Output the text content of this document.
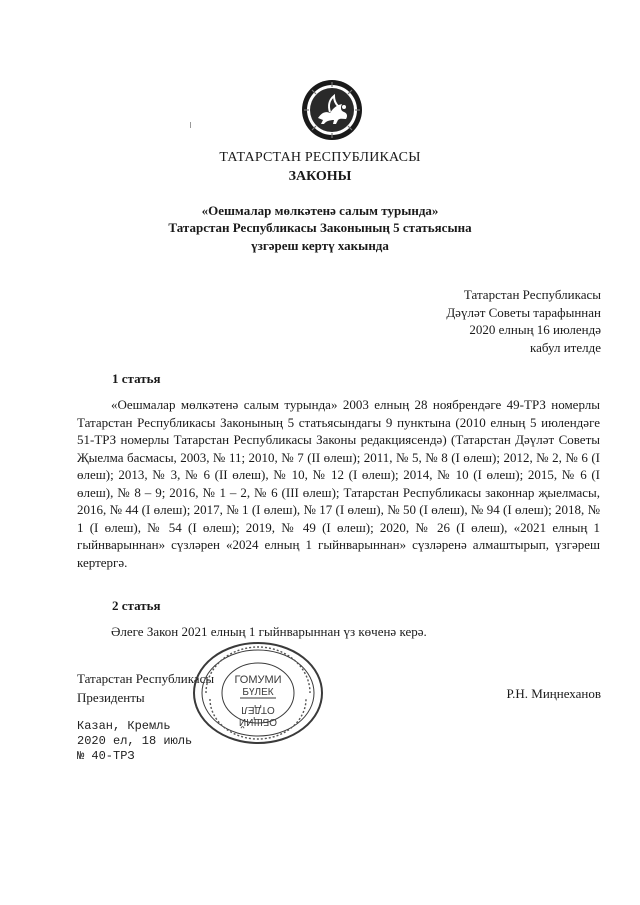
ТАТАРСТАН РЕСПУБЛИКАСЫ
ЗАКОНЫ
«Оешмалар мөлкәтенә салым турында»
Татарстан Республикасы Законының 5 статьясына
үзгәреш кертү хакында
Татарстан Республикасы
Дәүләт Советы тарафыннан
2020 елның 16 июлендә
кабул ителде
1 статья

«Оешмалар мөлкәтенә салым турында» 2003 елның 28 ноябрендәге 49-ТРЗ номерлы Татарстан Республикасы Законының 5 статьясындагы 9 пунктына (2010 елның 5 июлендәге 51-ТРЗ номерлы Татарстан Республикасы Законы редакциясендә) (Татарстан Дәүләт Советы Җыелма басмасы, 2003, № 11; 2010, № 7 (II өлеш); 2011, № 5, № 8 (I өлеш); 2012, № 2, № 6 (I өлеш); 2013, № 3, № 6 (II өлеш), № 10, № 12 (I өлеш); 2014, № 10 (I өлеш); 2015, № 6 (I өлеш), № 8 – 9; 2016, № 1 – 2, № 6 (III өлеш); Татарстан Республикасы законнар җыелмасы, 2016, № 44 (I өлеш); 2017, № 1 (I өлеш), № 17 (I өлеш), № 50 (I өлеш), № 94 (I өлеш); 2018, № 1 (I өлеш), № 54 (I өлеш); 2019, № 49 (I өлеш); 2020, № 26 (I өлеш), «2021 елның 1 гыйнварыннан» сүзләрен «2024 елның 1 гыйнварыннан» сүзләренә алмаштырып, үзгәреш кертергә.

2 статья

Әлеге Закон 2021 елның 1 гыйнварыннан үз көченә керә.

Татарстан Республикасы
Президенты	Р.Н. Миңнеханов
ГОМУМИ
БҮЛЕК
ОТДЕЛ
ОБЩИЙ
Казан, Кремль
2020 ел, 18 июль
№ 40-ТРЗ
